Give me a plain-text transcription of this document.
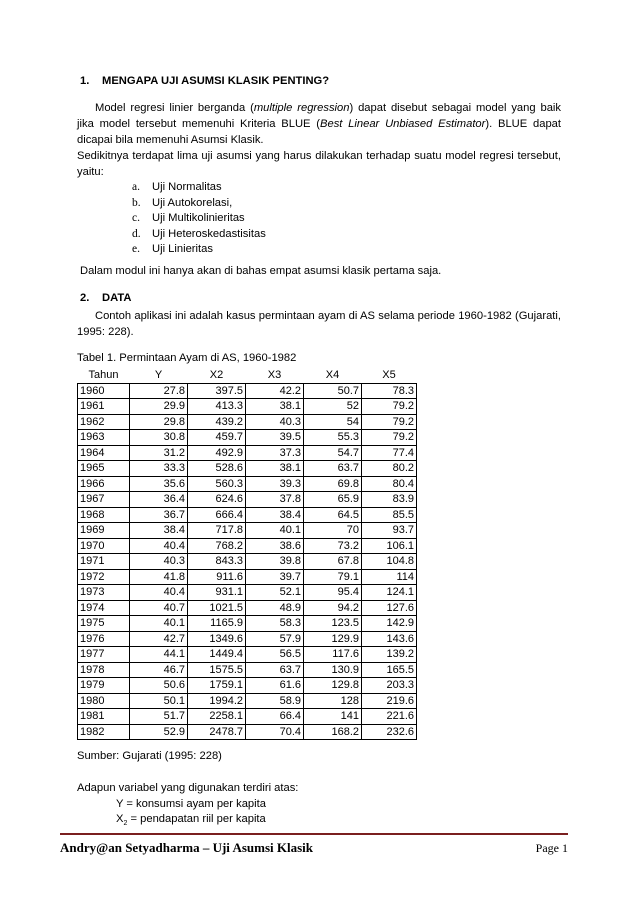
1. MENGAPA UJI ASUMSI KLASIK PENTING?
Model regresi linier berganda (multiple regression) dapat disebut sebagai model yang baik jika model tersebut memenuhi Kriteria BLUE (Best Linear Unbiased Estimator). BLUE dapat dicapai bila memenuhi Asumsi Klasik.
Sedikitnya terdapat lima uji asumsi yang harus dilakukan terhadap suatu model regresi tersebut, yaitu:
a. Uji Normalitas
b. Uji Autokorelasi,
c. Uji Multikolinieritas
d. Uji Heteroskedastisitas
e. Uji Linieritas
Dalam modul ini hanya akan di bahas empat asumsi klasik pertama saja.
2. DATA
Contoh aplikasi ini adalah kasus permintaan ayam di AS selama periode 1960-1982 (Gujarati, 1995: 228).
Tabel 1. Permintaan Ayam di AS, 1960-1982
Tahun	Y	X2	X3	X4	X5
1960	27.8	397.5	42.2	50.7	78.3
1961	29.9	413.3	38.1	52	79.2
1962	29.8	439.2	40.3	54	79.2
1963	30.8	459.7	39.5	55.3	79.2
1964	31.2	492.9	37.3	54.7	77.4
1965	33.3	528.6	38.1	63.7	80.2
1966	35.6	560.3	39.3	69.8	80.4
1967	36.4	624.6	37.8	65.9	83.9
1968	36.7	666.4	38.4	64.5	85.5
1969	38.4	717.8	40.1	70	93.7
1970	40.4	768.2	38.6	73.2	106.1
1971	40.3	843.3	39.8	67.8	104.8
1972	41.8	911.6	39.7	79.1	114
1973	40.4	931.1	52.1	95.4	124.1
1974	40.7	1021.5	48.9	94.2	127.6
1975	40.1	1165.9	58.3	123.5	142.9
1976	42.7	1349.6	57.9	129.9	143.6
1977	44.1	1449.4	56.5	117.6	139.2
1978	46.7	1575.5	63.7	130.9	165.5
1979	50.6	1759.1	61.6	129.8	203.3
1980	50.1	1994.2	58.9	128	219.6
1981	51.7	2258.1	66.4	141	221.6
1982	52.9	2478.7	70.4	168.2	232.6
Sumber: Gujarati (1995: 228)
Adapun variabel yang digunakan terdiri atas:
Y = konsumsi ayam per kapita
$X_2$ = pendapatan riil per kapita
Andry@an Setyadharma – Uji Asumsi Klasik	Page 1
